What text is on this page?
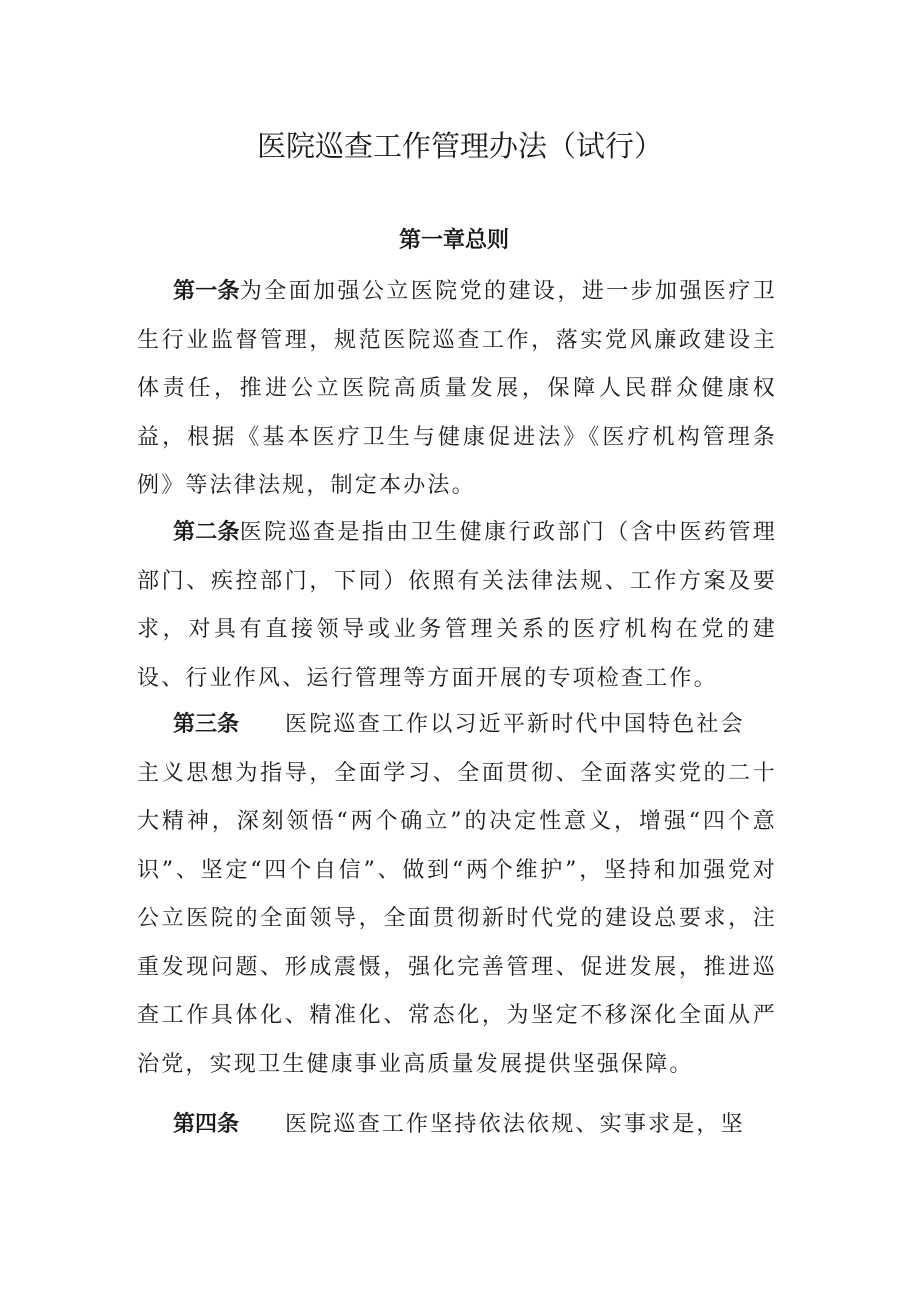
医院巡查工作管理办法（试行）
第一章总则

第一条为全面加强公立医院党的建设，进一步加强医疗卫生行业监督管理，规范医院巡查工作，落实党风廉政建设主体责任，推进公立医院高质量发展，保障人民群众健康权益，根据《基本医疗卫生与健康促进法》《医疗机构管理条例》等法律法规，制定本办法。

第二条医院巡查是指由卫生健康行政部门（含中医药管理部门、疾控部门，下同）依照有关法律法规、工作方案及要求，对具有直接领导或业务管理关系的医疗机构在党的建设、行业作风、运行管理等方面开展的专项检查工作。

第三条 医院巡查工作以习近平新时代中国特色社会
主义思想为指导，全面学习、全面贯彻、全面落实党的二十大精神，深刻领悟“两个确立”的决定性意义，增强“四个意识”、坚定“四个自信”、做到“两个维护”，坚持和加强党对公立医院的全面领导，全面贯彻新时代党的建设总要求，注重发现问题、形成震慑，强化完善管理、促进发展，推进巡查工作具体化、精准化、常态化，为坚定不移深化全面从严治党，实现卫生健康事业高质量发展提供坚强保障。

第四条 医院巡查工作坚持依法依规、实事求是，坚
